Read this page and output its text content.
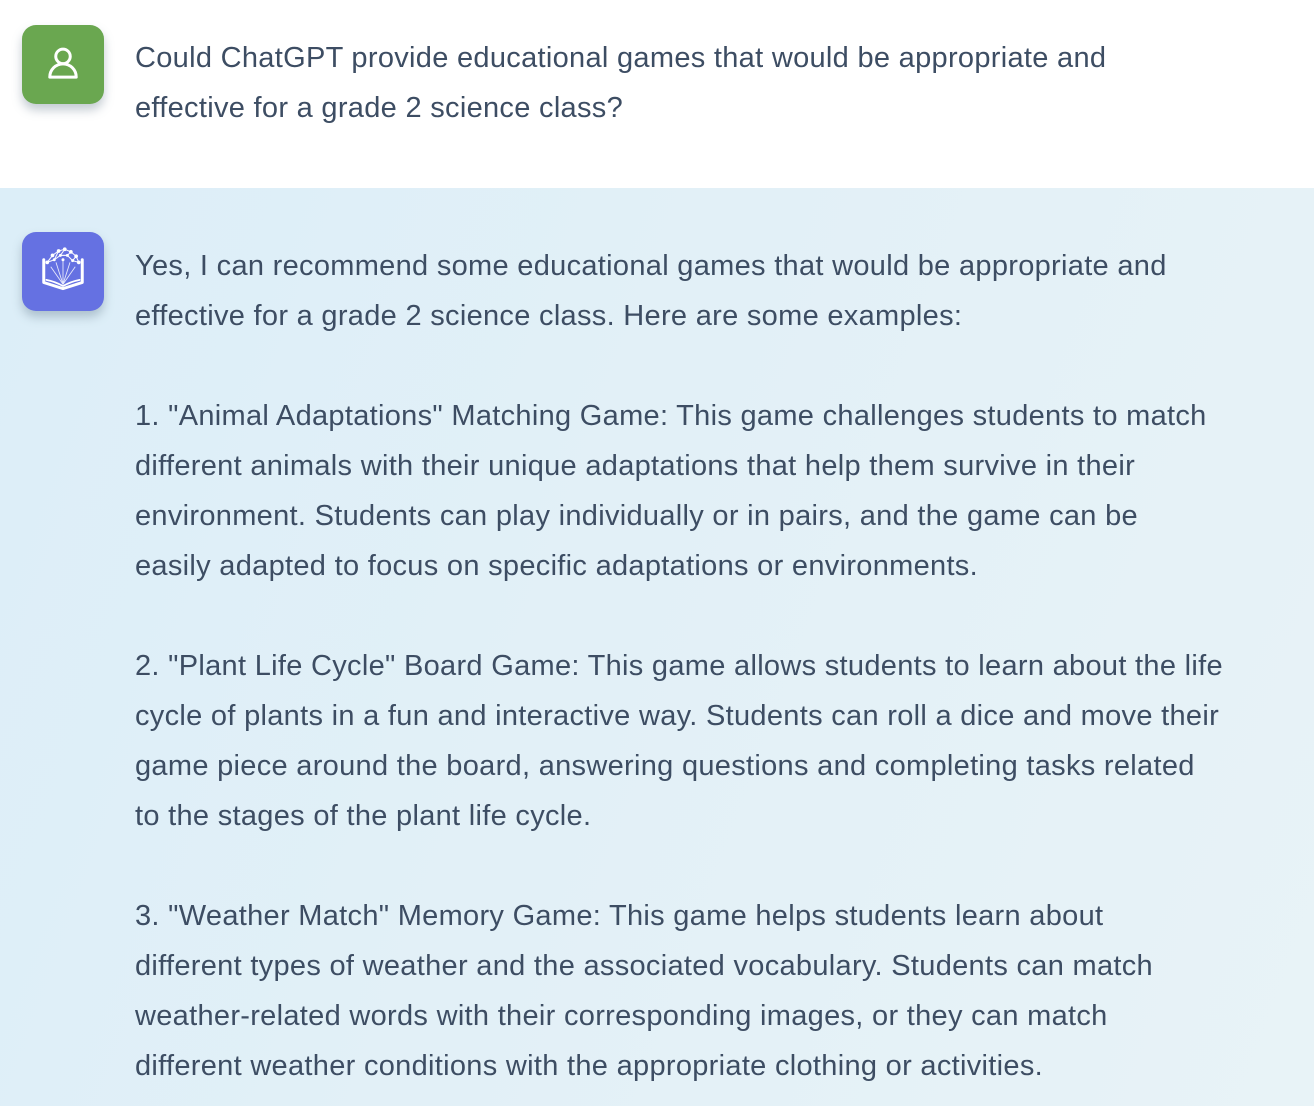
Could ChatGPT provide educational games that would be appropriate and
effective for a grade 2 science class?
Yes, I can recommend some educational games that would be appropriate and
effective for a grade 2 science class. Here are some examples:
1. "Animal Adaptations" Matching Game: This game challenges students to match
different animals with their unique adaptations that help them survive in their
environment. Students can play individually or in pairs, and the game can be
easily adapted to focus on specific adaptations or environments.
2. "Plant Life Cycle" Board Game: This game allows students to learn about the life
cycle of plants in a fun and interactive way. Students can roll a dice and move their
game piece around the board, answering questions and completing tasks related
to the stages of the plant life cycle.
3. "Weather Match" Memory Game: This game helps students learn about
different types of weather and the associated vocabulary. Students can match
weather-related words with their corresponding images, or they can match
different weather conditions with the appropriate clothing or activities.
